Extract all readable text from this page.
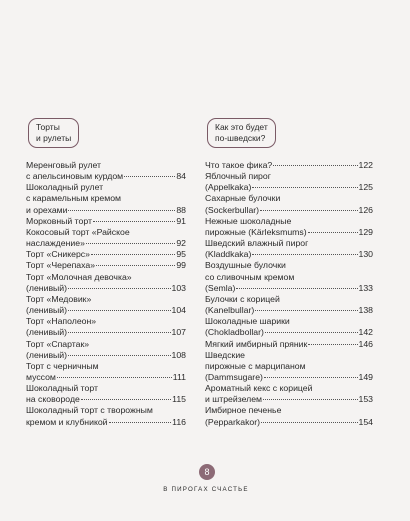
Торты
и рулеты
Меренговый рулет
с апельсиновым курдом	84
Шоколадный рулет
с карамельным кремом
и орехами	88
Морковный торт	91
Кокосовый торт «Райское
наслаждение»	92
Торт «Сникерс»	95
Торт «Черепаха»	99
Торт «Молочная девочка»
(ленивый)	103
Торт «Медовик»
(ленивый)	104
Торт «Наполеон»
(ленивый)	107
Торт «Спартак»
(ленивый)	108
Торт с черничным
муссом	111
Шоколадный торт
на сковороде	115
Шоколадный торт с творожным
кремом и клубникой	116
Как это будет
по-шведски?
Что такое фика?	122
Яблочный пирог
(Appelkaka)	125
Сахарные булочки
(Sockerbullar)	126
Нежные шоколадные
пирожные (Kärleksmums)	129
Шведский влажный пирог
(Kladdkaka)	130
Воздушные булочки
со сливочным кремом
(Semla)	133
Булочки с корицей
(Kanelbullar)	138
Шоколадные шарики
(Chokladbollar)	142
Мягкий имбирный пряник	146
Шведские
пирожные с марципаном
(Dammsugare)	149
Ароматный кекс с корицей
и штрейзелем	153
Имбирное печенье
(Pepparkakor)	154
8
В ПИРОГАХ СЧАСТЬЕ
